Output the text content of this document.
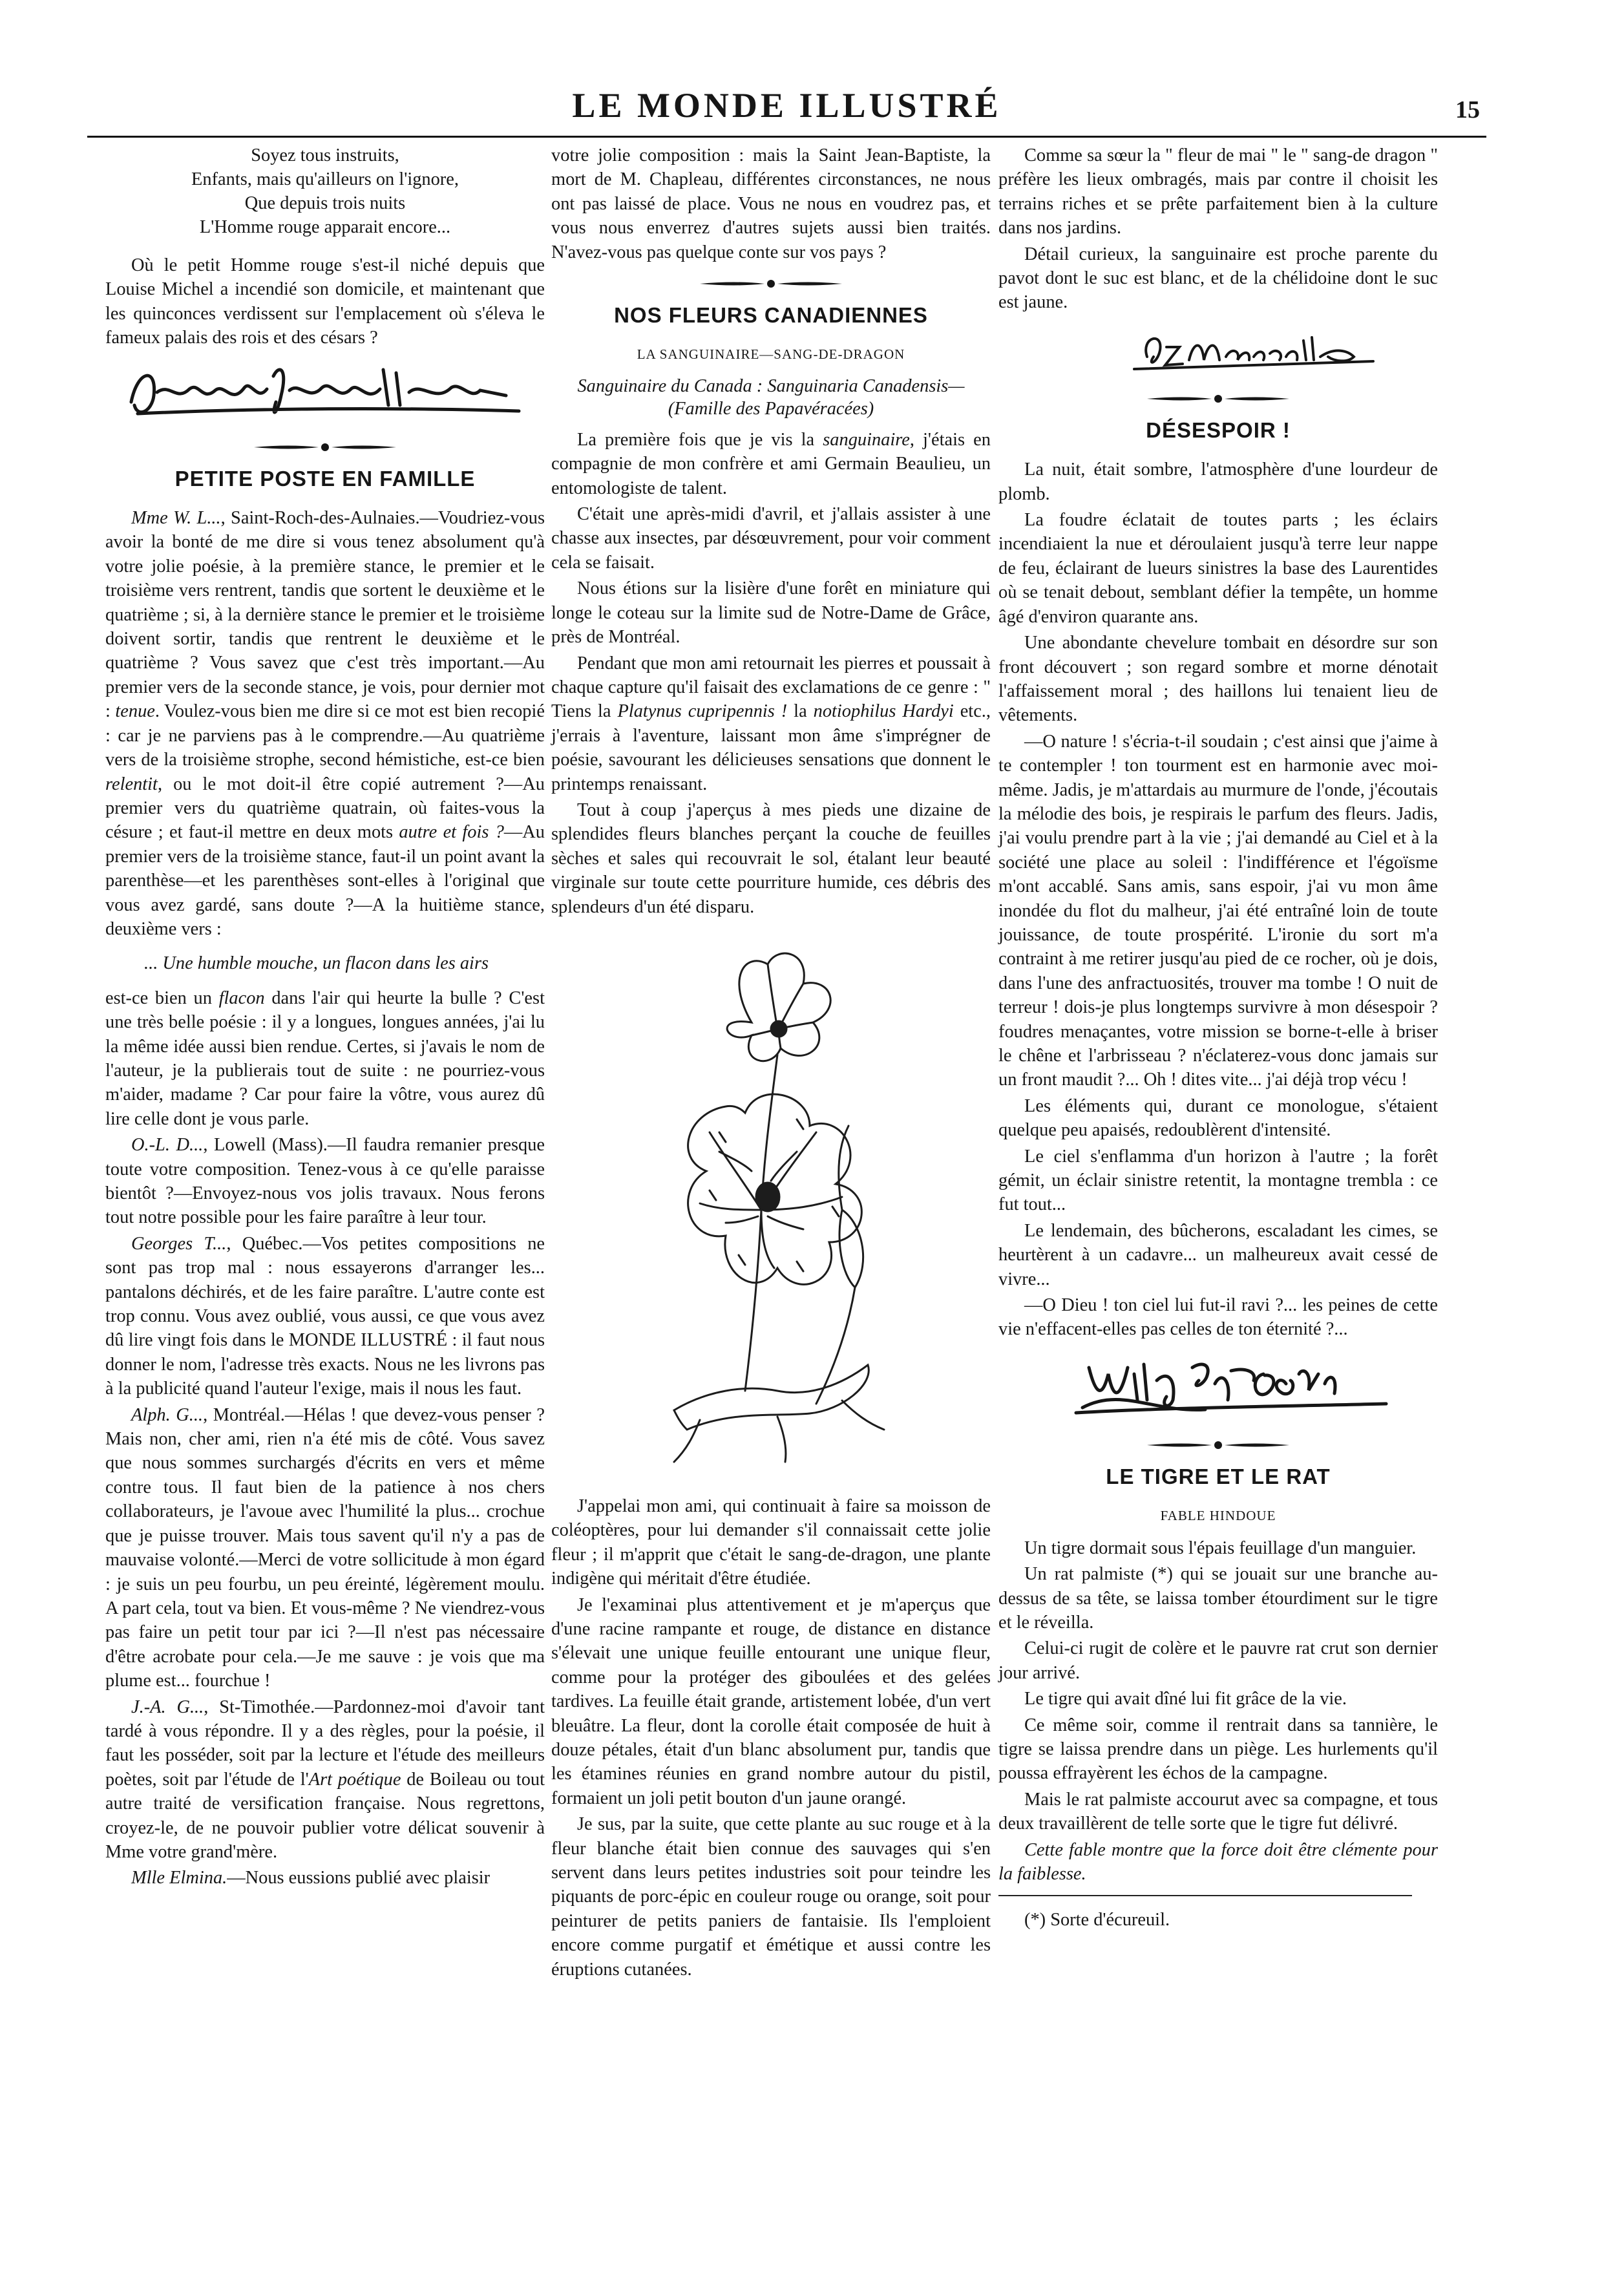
LE MONDE ILLUSTRÉ	15
Soyez tous instruits,
Enfants, mais qu'ailleurs on l'ignore,
Que depuis trois nuits
L'Homme rouge apparait encore...

Où le petit Homme rouge s'est-il niché depuis que Louise Michel a incendié son domicile, et maintenant que les quinconces verdissent sur l'emplacement où s'éleva le fameux palais des rois et des césars ?

PETITE POSTE EN FAMILLE

Mme W. L..., Saint-Roch-des-Aulnaies.—Voudriez-vous avoir la bonté de me dire si vous tenez absolument qu'à votre jolie poésie, à la première stance, le premier et le troisième vers rentrent, tandis que sortent le deuxième et le quatrième ; si, à la dernière stance le premier et le troisième doivent sortir, tandis que rentrent le deuxième et le quatrième ? Vous savez que c'est très important.—Au premier vers de la seconde stance, je vois, pour dernier mot : tenue. Voulez-vous bien me dire si ce mot est bien recopié : car je ne parviens pas à le comprendre.—Au quatrième vers de la troisième strophe, second hémistiche, est-ce bien relentit, ou le mot doit-il être copié autrement ?—Au premier vers du quatrième quatrain, où faites-vous la césure ; et faut-il mettre en deux mots autre et fois ?—Au premier vers de la troisième stance, faut-il un point avant la parenthèse—et les parenthèses sont-elles à l'original que vous avez gardé, sans doute ?—A la huitième stance, deuxième vers :

... Une humble mouche, un flacon dans les airs

est-ce bien un flacon dans l'air qui heurte la bulle ? C'est une très belle poésie : il y a longues, longues années, j'ai lu la même idée aussi bien rendue. Certes, si j'avais le nom de l'auteur, je la publierais tout de suite : ne pourriez-vous m'aider, madame ? Car pour faire la vôtre, vous aurez dû lire celle dont je vous parle.

O.-L. D..., Lowell (Mass).—Il faudra remanier presque toute votre composition. Tenez-vous à ce qu'elle paraisse bientôt ?—Envoyez-nous vos jolis travaux. Nous ferons tout notre possible pour les faire paraître à leur tour.

Georges T..., Québec.—Vos petites compositions ne sont pas trop mal : nous essayerons d'arranger les... pantalons déchirés, et de les faire paraître. L'autre conte est trop connu. Vous avez oublié, vous aussi, ce que vous avez dû lire vingt fois dans le MONDE ILLUSTRÉ : il faut nous donner le nom, l'adresse très exacts. Nous ne les livrons pas à la publicité quand l'auteur l'exige, mais il nous les faut.

Alph. G..., Montréal.—Hélas ! que devez-vous penser ? Mais non, cher ami, rien n'a été mis de côté. Vous savez que nous sommes surchargés d'écrits en vers et même contre tous. Il faut bien de la patience à nos chers collaborateurs, je l'avoue avec l'humilité la plus... crochue que je puisse trouver. Mais tous savent qu'il n'y a pas de mauvaise volonté.—Merci de votre sollicitude à mon égard : je suis un peu fourbu, un peu éreinté, légèrement moulu. A part cela, tout va bien. Et vous-même ? Ne viendrez-vous pas faire un petit tour par ici ?—Il n'est pas nécessaire d'être acrobate pour cela.—Je me sauve : je vois que ma plume est... fourchue !

J.-A. G..., St-Timothée.—Pardonnez-moi d'avoir tant tardé à vous répondre. Il y a des règles, pour la poésie, il faut les posséder, soit par la lecture et l'étude des meilleurs poètes, soit par l'étude de l'Art poétique de Boileau ou tout autre traité de versification française. Nous regrettons, croyez-le, de ne pouvoir publier votre délicat souvenir à Mme votre grand'mère.

Mlle Elmina.—Nous eussions publié avec plaisir

votre jolie composition : mais la Saint Jean-Baptiste, la mort de M. Chapleau, différentes circonstances, ne nous ont pas laissé de place. Vous ne nous en voudrez pas, et vous nous enverrez d'autres sujets aussi bien traités. N'avez-vous pas quelque conte sur vos pays ?

NOS FLEURS CANADIENNES
LA SANGUINAIRE—SANG-DE-DRAGON
Sanguinaire du Canada : Sanguinaria Canadensis—
(Famille des Papavéracées)

La première fois que je vis la sanguinaire, j'étais en compagnie de mon confrère et ami Germain Beaulieu, un entomologiste de talent.

C'était une après-midi d'avril, et j'allais assister à une chasse aux insectes, par désœuvrement, pour voir comment cela se faisait.

Nous étions sur la lisière d'une forêt en miniature qui longe le coteau sur la limite sud de Notre-Dame de Grâce, près de Montréal.

Pendant que mon ami retournait les pierres et poussait à chaque capture qu'il faisait des exclamations de ce genre : " Tiens la Platynus cupripennis ! la notiophilus Hardyi etc., j'errais à l'aventure, laissant mon âme s'imprégner de poésie, savourant les délicieuses sensations que donnent le printemps renaissant.

Tout à coup j'aperçus à mes pieds une dizaine de splendides fleurs blanches perçant la couche de feuilles sèches et sales qui recouvrait le sol, étalant leur beauté virginale sur toute cette pourriture humide, ces débris des splendeurs d'un été disparu.

J'appelai mon ami, qui continuait à faire sa moisson de coléoptères, pour lui demander s'il connaissait cette jolie fleur ; il m'apprit que c'était le sang-de-dragon, une plante indigène qui méritait d'être étudiée.

Je l'examinai plus attentivement et je m'aperçus que d'une racine rampante et rouge, de distance en distance s'élevait une unique feuille entourant une unique fleur, comme pour la protéger des giboulées et des gelées tardives. La feuille était grande, artistement lobée, d'un vert bleuâtre. La fleur, dont la corolle était composée de huit à douze pétales, était d'un blanc absolument pur, tandis que les étamines réunies en grand nombre autour du pistil, formaient un joli petit bouton d'un jaune orangé.

Je sus, par la suite, que cette plante au suc rouge et à la fleur blanche était bien connue des sauvages qui s'en servent dans leurs petites industries soit pour teindre les piquants de porc-épic en couleur rouge ou orange, soit pour peinturer de petits paniers de fantaisie. Ils l'emploient encore comme purgatif et émétique et aussi contre les éruptions cutanées.

Comme sa sœur la " fleur de mai " le " sang-de dragon " préfère les lieux ombragés, mais par contre il choisit les terrains riches et se prête parfaitement bien à la culture dans nos jardins.

Détail curieux, la sanguinaire est proche parente du pavot dont le suc est blanc, et de la chélidoine dont le suc est jaune.

DÉSESPOIR !

La nuit, était sombre, l'atmosphère d'une lourdeur de plomb.

La foudre éclatait de toutes parts ; les éclairs incendiaient la nue et déroulaient jusqu'à terre leur nappe de feu, éclairant de lueurs sinistres la base des Laurentides où se tenait debout, semblant défier la tempête, un homme âgé d'environ quarante ans.

Une abondante chevelure tombait en désordre sur son front découvert ; son regard sombre et morne dénotait l'affaissement moral ; des haillons lui tenaient lieu de vêtements.

—O nature ! s'écria-t-il soudain ; c'est ainsi que j'aime à te contempler ! ton tourment est en harmonie avec moi-même. Jadis, je m'attardais au murmure de l'onde, j'écoutais la mélodie des bois, je respirais le parfum des fleurs. Jadis, j'ai voulu prendre part à la vie ; j'ai demandé au Ciel et à la société une place au soleil : l'indifférence et l'égoïsme m'ont accablé. Sans amis, sans espoir, j'ai vu mon âme inondée du flot du malheur, j'ai été entraîné loin de toute jouissance, de toute prospérité. L'ironie du sort m'a contraint à me retirer jusqu'au pied de ce rocher, où je dois, dans l'une des anfractuosités, trouver ma tombe ! O nuit de terreur ! dois-je plus longtemps survivre à mon désespoir ? foudres menaçantes, votre mission se borne-t-elle à briser le chêne et l'arbrisseau ? n'éclaterez-vous donc jamais sur un front maudit ?... Oh ! dites vite... j'ai déjà trop vécu !

Les éléments qui, durant ce monologue, s'étaient quelque peu apaisés, redoublèrent d'intensité.

Le ciel s'enflamma d'un horizon à l'autre ; la forêt gémit, un éclair sinistre retentit, la montagne trembla : ce fut tout...

Le lendemain, des bûcherons, escaladant les cimes, se heurtèrent à un cadavre... un malheureux avait cessé de vivre...

—O Dieu ! ton ciel lui fut-il ravi ?... les peines de cette vie n'effacent-elles pas celles de ton éternité ?...

LE TIGRE ET LE RAT
FABLE HINDOUE

Un tigre dormait sous l'épais feuillage d'un manguier.

Un rat palmiste (*) qui se jouait sur une branche au-dessus de sa tête, se laissa tomber étourdiment sur le tigre et le réveilla.

Celui-ci rugit de colère et le pauvre rat crut son dernier jour arrivé.

Le tigre qui avait dîné lui fit grâce de la vie.

Ce même soir, comme il rentrait dans sa tannière, le tigre se laissa prendre dans un piège. Les hurlements qu'il poussa effrayèrent les échos de la campagne.

Mais le rat palmiste accourut avec sa compagne, et tous deux travaillèrent de telle sorte que le tigre fut délivré.

Cette fable montre que la force doit être clémente pour la faiblesse.

(*) Sorte d'écureuil.
